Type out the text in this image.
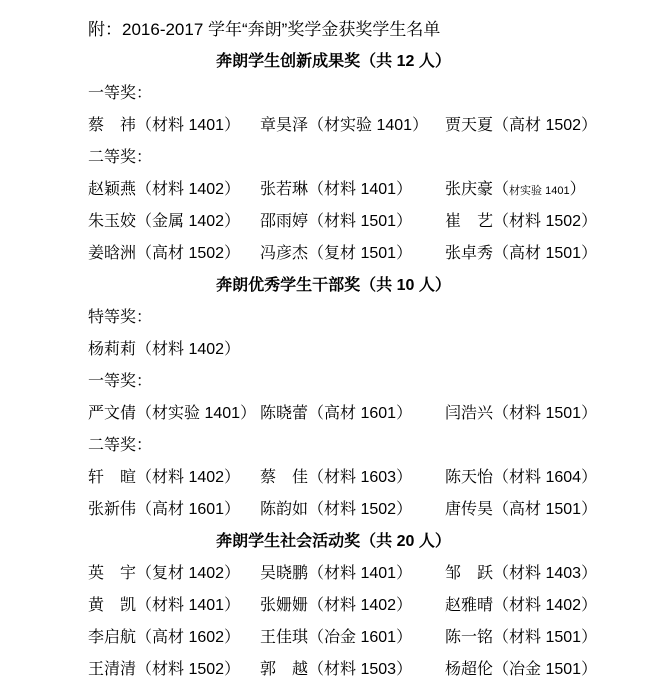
附：2016-2017 学年“奔朗”奖学金获奖学生名单
奔朗学生创新成果奖（共 12 人）
一等奖：
蔡　祎（材料 1401）	章昊泽（材实验 1401）	贾天夏（高材 1502）
二等奖：
赵颖燕（材料 1402）	张若琳（材料 1401）	张庆豪（材实验 1401）
朱玉姣（金属 1402）	邵雨婷（材料 1501）	崔　艺（材料 1502）
姜晗洲（高材 1502）	冯彦杰（复材 1501）	张卓秀（高材 1501）
奔朗优秀学生干部奖（共 10 人）
特等奖：
杨莉莉（材料 1402）
一等奖：
严文倩（材实验 1401） 陈晓蕾（高材 1601）	闫浩兴（材料 1501）
二等奖：
轩　暄（材料 1402）	蔡　佳（材料 1603）	陈天怡（材料 1604）
张新伟（高材 1601）	陈韵如（材料 1502）	唐传昊（高材 1501）
奔朗学生社会活动奖（共 20 人）
英　宇（复材 1402）	吴晓鹏（材料 1401）	邹　跃（材料 1403）
黄　凯（材料 1401）	张姗姗（材料 1402）	赵雅晴（材料 1402）
李启航（高材 1602）	王佳琪（冶金 1601）	陈一铭（材料 1501）
王清清（材料 1502）	郭　越（材料 1503）	杨超伦（冶金 1501）
